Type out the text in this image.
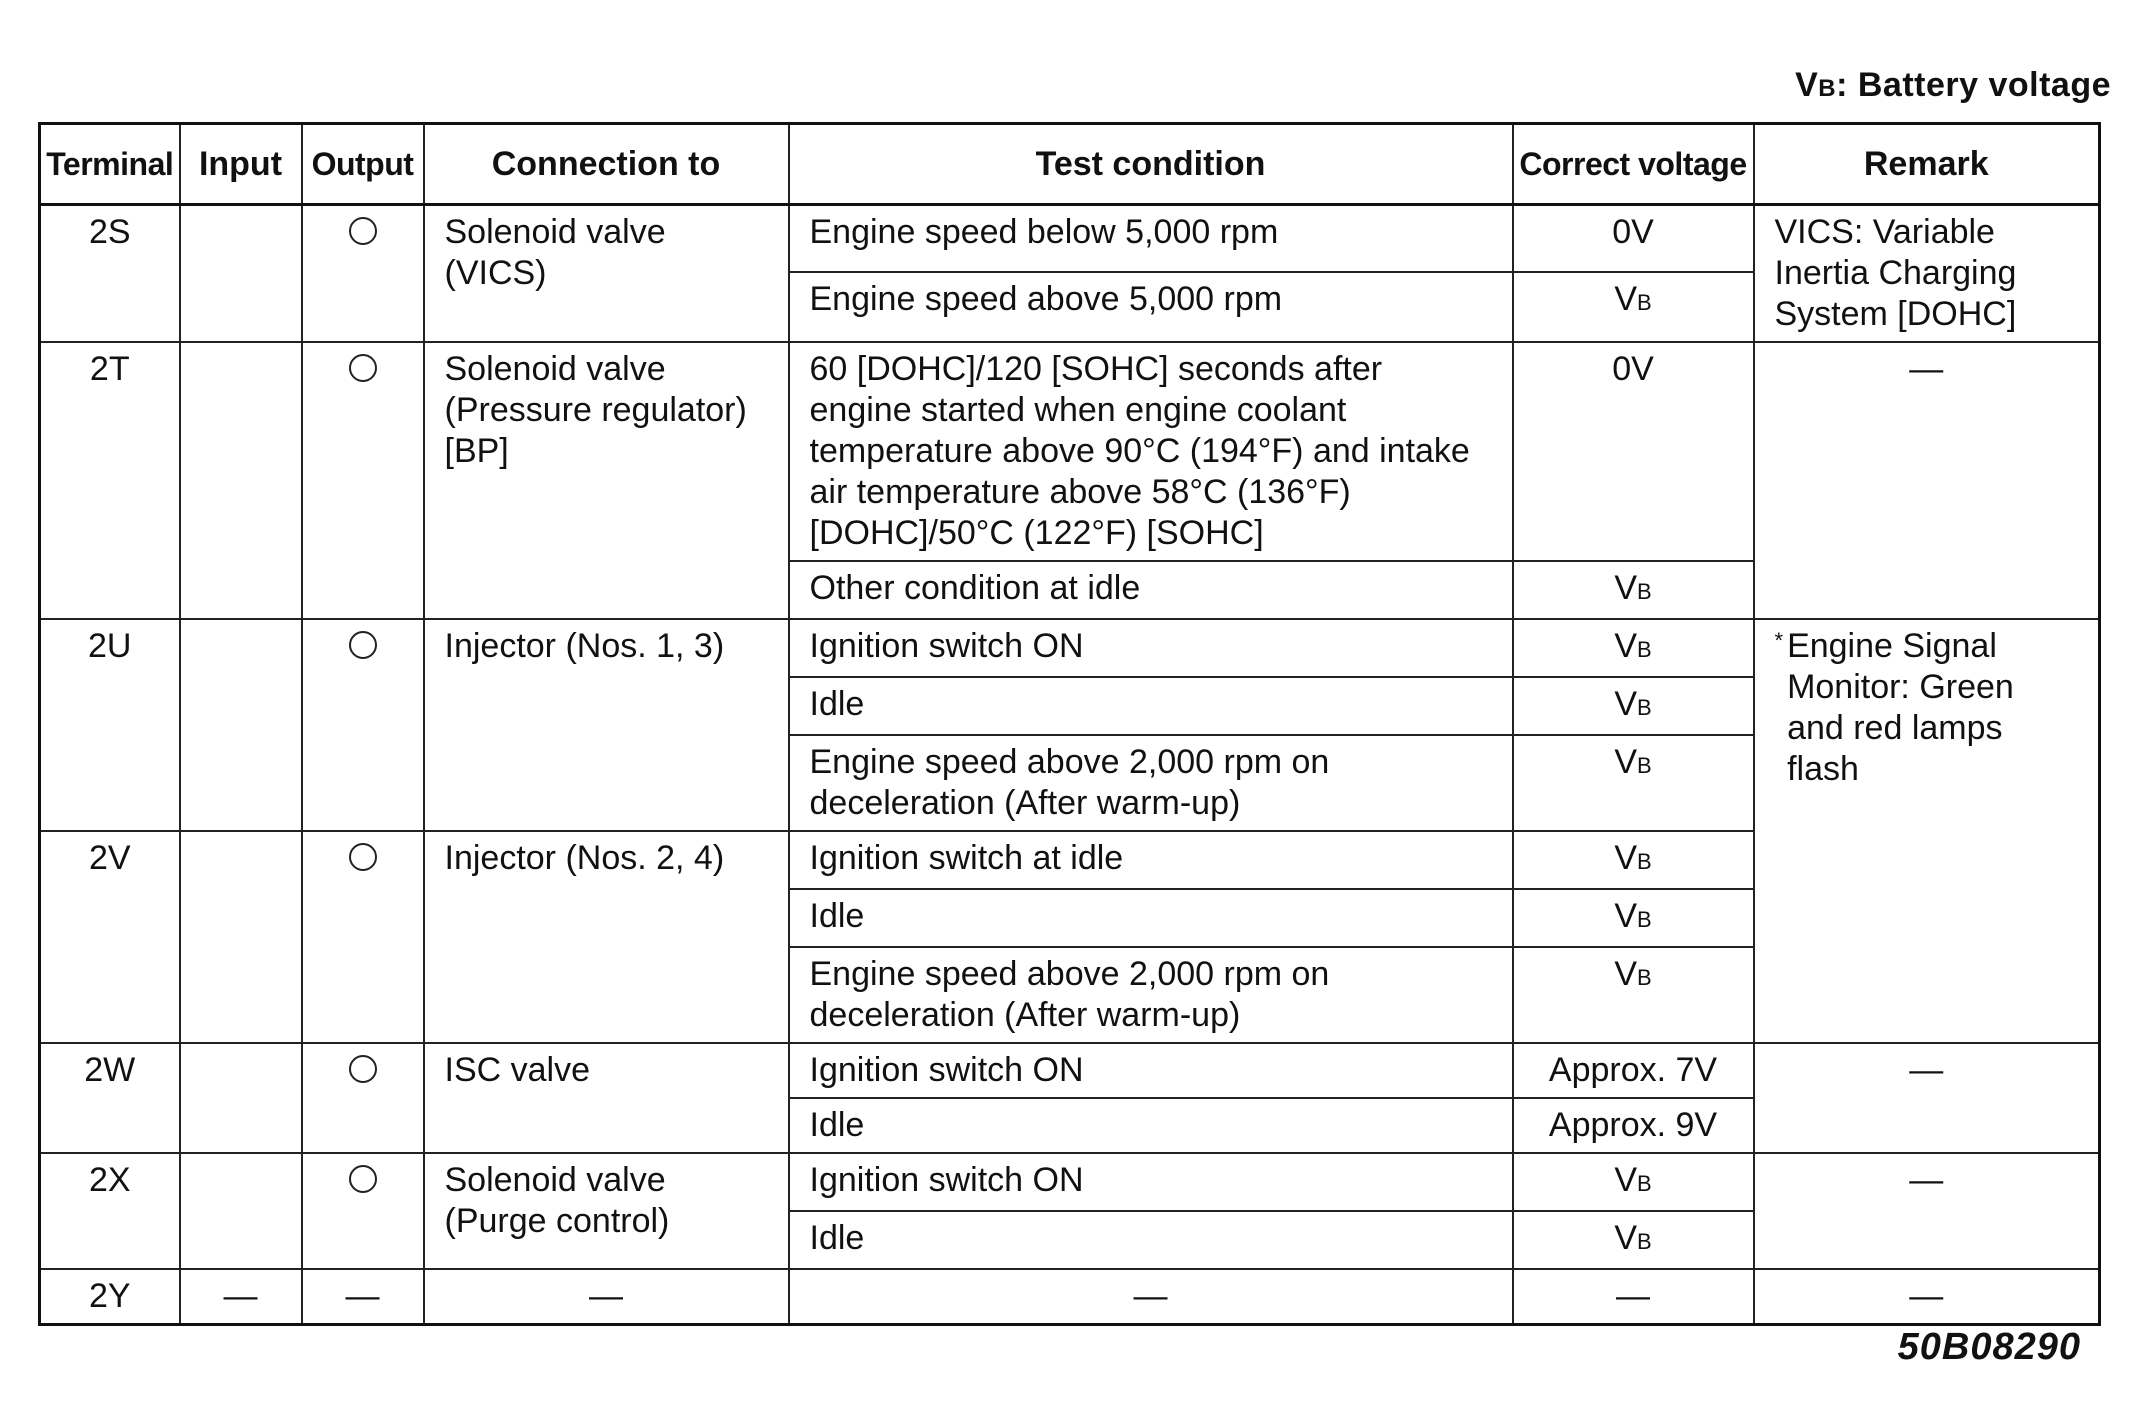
VB: Battery voltage
Terminal	Input	Output	Connection to	Test condition	Correct voltage	Remark
2S			Solenoid valve (VICS)	Engine speed below 5,000 rpm	0V	VICS: Variable Inertia Charging System [DOHC]
				Engine speed above 5,000 rpm	VB	
2T			Solenoid valve (Pressure regulator) [BP]	60 [DOHC]/120 [SOHC] seconds after engine started when engine coolant temperature above 90°C (194°F) and intake air temperature above 58°C (136°F) [DOHC]/50°C (122°F) [SOHC]	0V	—
				Other condition at idle	VB	
2U			Injector (Nos. 1, 3)	Ignition switch ON	VB	* Engine Signal Monitor: Green and red lamps flash

				Idle	VB	
				Engine speed above 2,000 rpm on deceleration (After warm-up)	VB	
2V			Injector (Nos. 2, 4)	Ignition switch at idle	VB	
				Idle	VB	
				Engine speed above 2,000 rpm on deceleration (After warm-up)	VB	
2W			ISC valve	Ignition switch ON	Approx. 7V	—
				Idle	Approx. 9V	
2X			Solenoid valve (Purge control)	Ignition switch ON	VB	—
				Idle	VB	
2Y	—	—	—	—	—	—
50B08290
